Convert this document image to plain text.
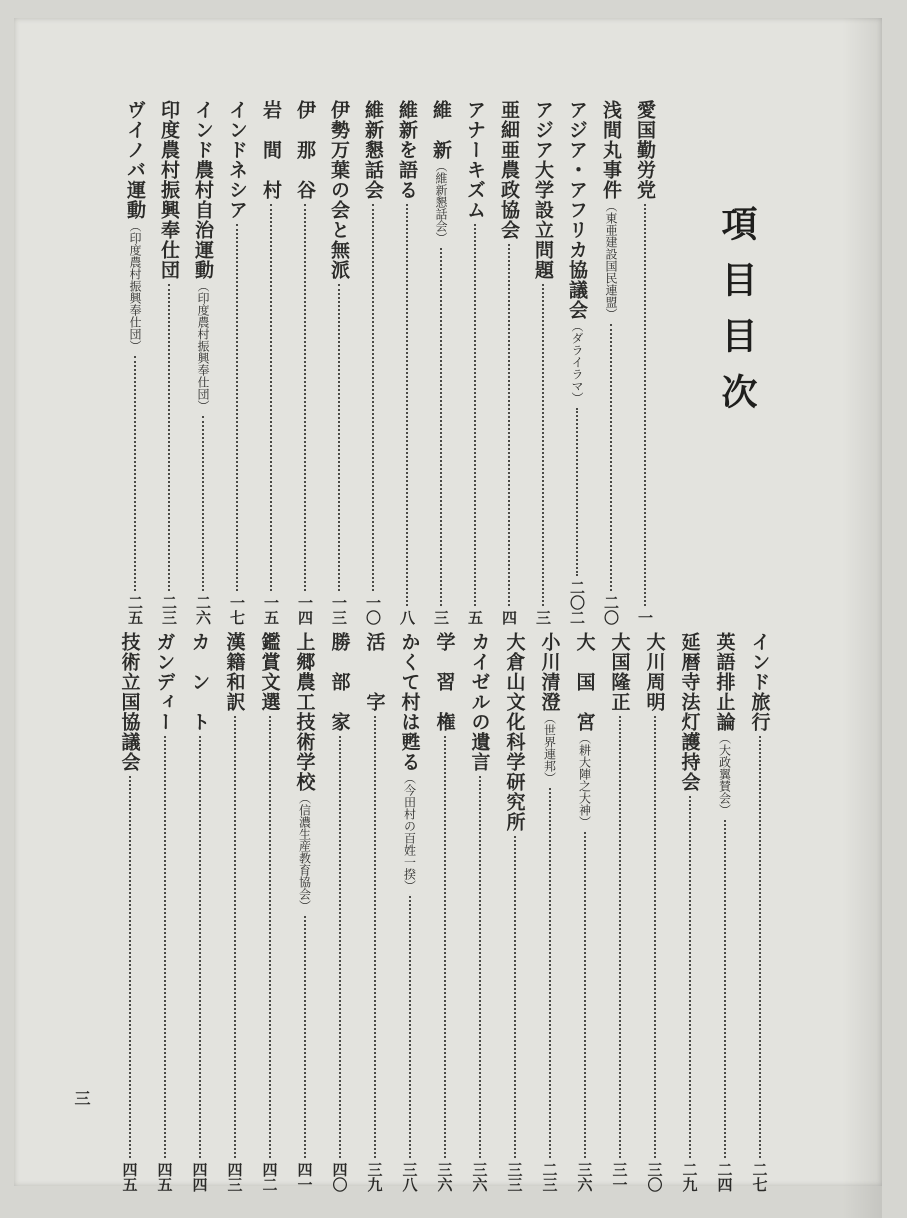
項目目次
愛国勤労党
一
浅間丸事件
（東亜建設国民連盟）
二〇
アジア・アフリカ協議会
（ダライラマ）
二〇二
アジア大学設立問題
三
亜細亜農政協会
四
アナーキズム
五
維　新
（維新懇話会）
三
維新を語る
八
維新懇話会
一〇
伊勢万葉の会と無派
一三
伊　那　谷
一四
岩　間　村
一五
インドネシア
一七
インド農村自治運動
（印度農村振興奉仕団）
二六
印度農村振興奉仕団
二三
ヴイノバ運動
（印度農村振興奉仕団）
二五
インド旅行
二七
英語排止論
（大政翼賛会）
二四
延暦寺法灯護持会
二九
大川周明
三〇
大国隆正
三一
大　国　宮
（耕大陣之大神）
三六
小川清澄
（世界連邦）
二三
大倉山文化科学研究所
三三
カイゼルの遺言
三六
学　習　権
三六
かくて村は甦る
（今田村の百姓一揆）
三八
活　　字
三九
勝　部　家
四〇
上郷農工技術学校
（信濃生産教育協会）
四一
鑑賞文選
四二
漢籍和訳
四三
カ　ン　ト
四四
ガンディー
四五
技術立国協議会
四五
三
